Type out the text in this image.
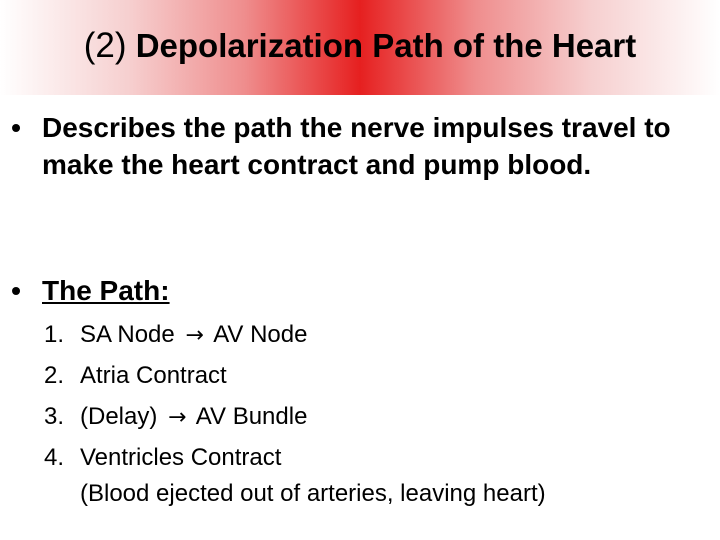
(2) Depolarization Path of the Heart
• Describes the path the nerve impulses travel to make the heart contract and pump blood.
• The Path:
1. SA Node → AV Node
2. Atria Contract
3. (Delay) → AV Bundle
4. Ventricles Contract
(Blood ejected out of arteries, leaving heart)
